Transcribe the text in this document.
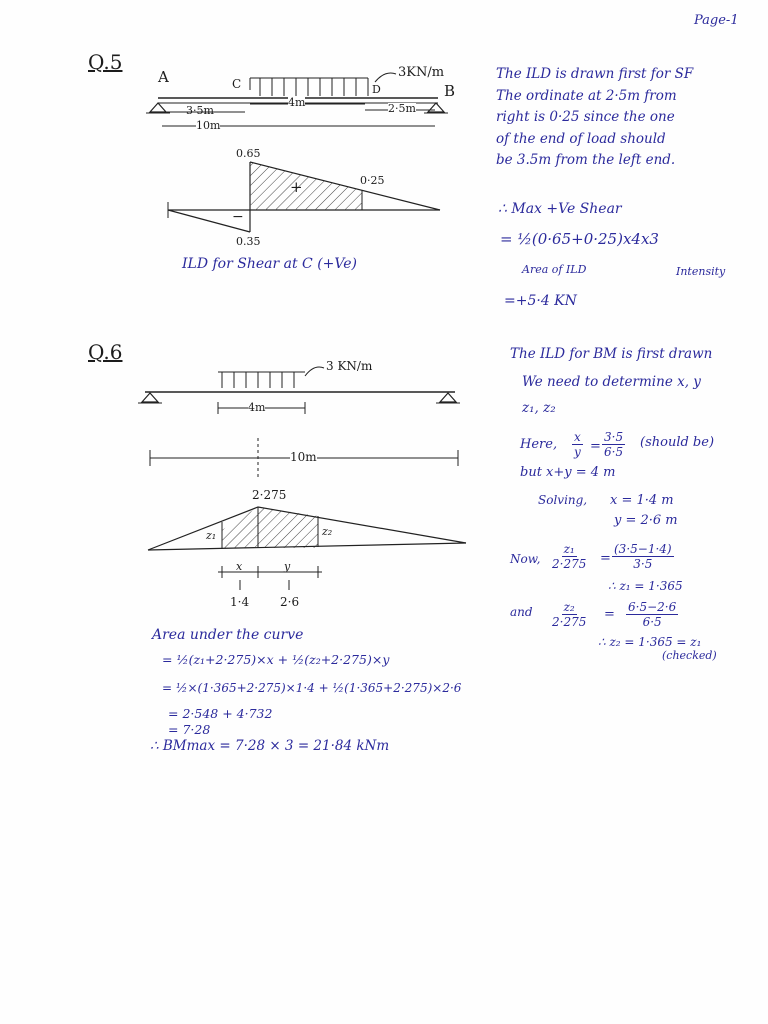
Page-1
Q.5
A	C	D	B
3KN/m
3·5m
4m	2·5m
10m
0.65
0·25
0.35
+
−
ILD for Shear at C (+Ve)
The ILD is drawn first for SF
The ordinate at 2·5m from
right is 0·25 since the one
of the end of load should
be 3.5m from the left end.
∴ Max +Ve Shear
= ½(0·65+0·25)x4x3
Area of ILD	Intensity
=+5·4 KN
Q.6
3 KN/m
4m
10m
2·275
z₁	z₂
x	y
1·4	2·6
The ILD for BM is first drawn
We need to determine x, y
z₁, z₂
Here, $\frac{x}{y} = \frac{3\cdot 5}{6\cdot 5}$ (should be)
but x+y = 4 m
Solving, x = 1·4 m
y = 2·6 m
Now, $\frac{\text{z₁}}{2\cdot 275} = \frac{(3\cdot 5-1\cdot 4)}{3\cdot 5}$
∴ z₁ = 1·365
and $\frac{\text{z₂}}{2\cdot 275} = \frac{6\cdot 5-2\cdot 6}{6\cdot 5}$
∴ z₂ = 1·365 = z₁
(checked)
Area under the curve
= ½(z₁+2·275)×x + ½(z₂+2·275)×y
= ½×(1·365+2·275)×1·4 + ½(1·365+2·275)×2·6
= 2·548 + 4·732
= 7·28
∴ BMmax = 7·28 × 3 = 21·84 kNm
